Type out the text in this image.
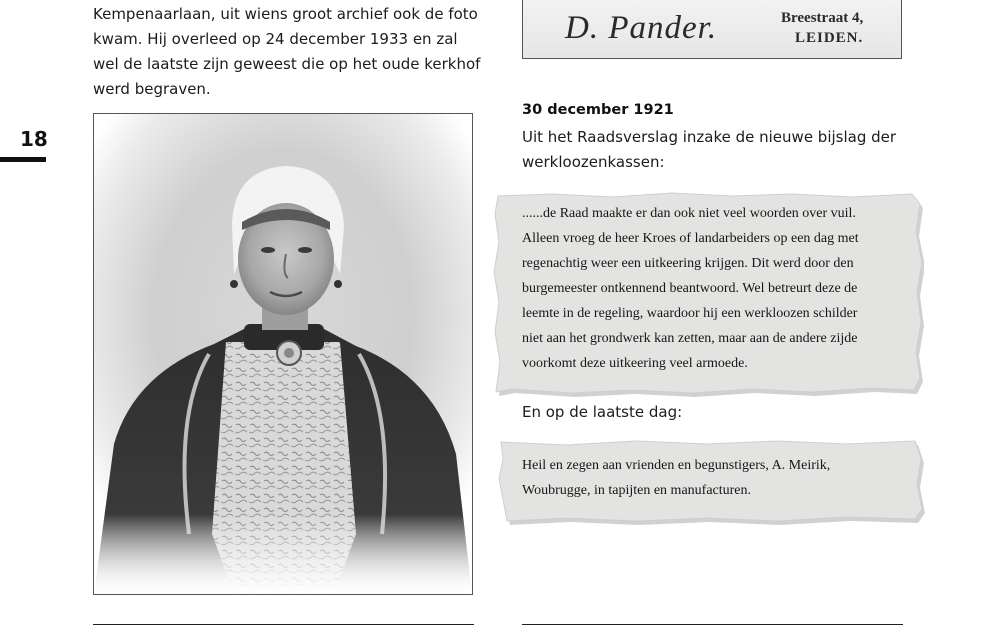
18

Kempenaarlaan, uit wiens groot archief ook de foto
kwam. Hij overleed op 24 december 1933 en zal
wel de laatste zijn geweest die op het oude kerkhof
werd begraven.

D. Pander.	Breestraat 4,
LEIDEN.
30 december 1921

Uit het Raadsverslag inzake de nieuwe bijslag der
werkloozenkassen:

......de Raad maakte er dan ook niet veel woorden over vuil.
Alleen vroeg de heer Kroes of landarbeiders op een dag met
regenachtig weer een uitkeering krijgen. Dit werd door den
burgemeester ontkennend beantwoord. Wel betreurt deze de
leemte in de regeling, waardoor hij een werkloozen schilder
niet aan het grondwerk kan zetten, maar aan de andere zijde
voorkomt deze uitkeering veel armoede.
En op de laatste dag:
Heil en zegen aan vrienden en begunstigers, A. Meirik,
Woubrugge, in tapijten en manufacturen.
